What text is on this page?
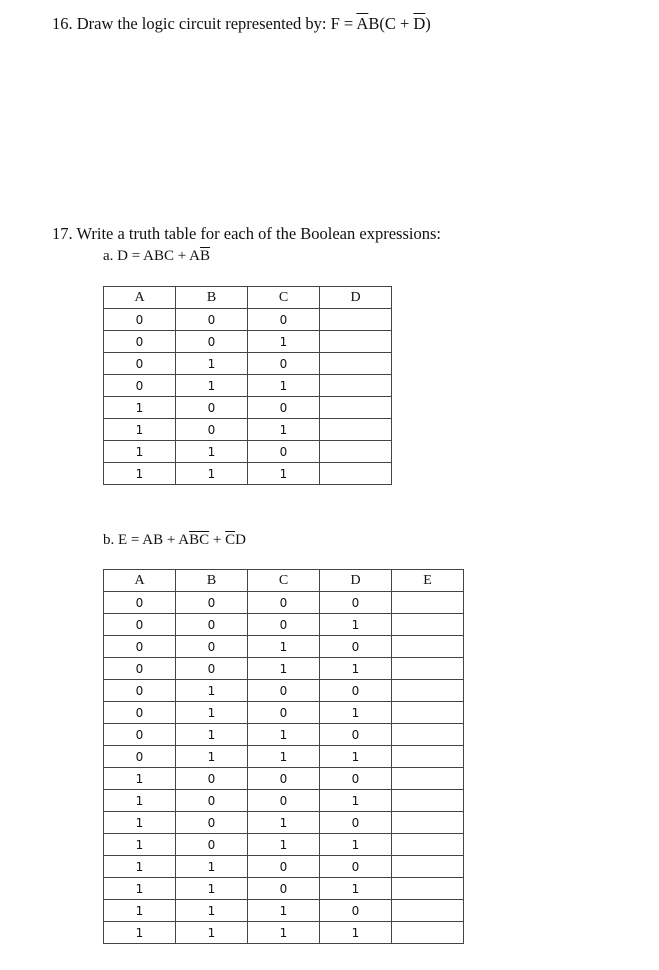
16. Draw the logic circuit represented by: $F = \overline{A}B(C + \overline{D})$
17. Write a truth table for each of the Boolean expressions:
a. D = ABC + $A\overline{B}$
A	B	C	D
0	0	0	
0	0	1	
0	1	0	
0	1	1	
1	0	0	
1	0	1	
1	1	0	
1	1	1	
b. E = AB + $A\overline{BC} + \overline{C}D$
A	B	C	D	E
0	0	0	0	
0	0	0	1	
0	0	1	0	
0	0	1	1	
0	1	0	0	
0	1	0	1	
0	1	1	0	
0	1	1	1	
1	0	0	0	
1	0	0	1	
1	0	1	0	
1	0	1	1	
1	1	0	0	
1	1	0	1	
1	1	1	0	
1	1	1	1	
